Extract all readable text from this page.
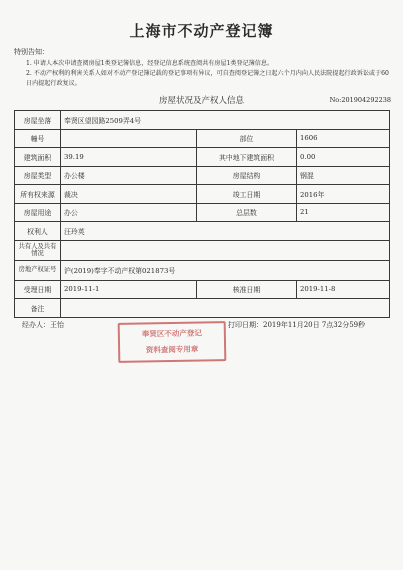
上海市不动产登记簿
特别告知：
1. 申请人本次申请查阅房屋1类登记簿信息，经登记信息系统查阅共有房屋1类登记簿信息。
2. 不动产权利的利害关系人如对不动产登记簿记载的登记事项有异议，可自查阅登记簿之日起六个月内向人民法院提起行政诉讼或于60日内提起行政复议。
房屋状况及产权人信息	No:201904292238
房屋坐落	奉贤区望园路2509弄4号		
幢号		部位	1606
建筑面积	39.19	其中地下建筑面积	0.00
房屋类型	办公楼	房屋结构	钢混
所有权来源	裁决	竣工日期	2016年
房屋用途	办公	总层数	21
权利人	汪玲英		
共有人及共有情况			
房地产权证号	沪(2019)奉字不动产权第021873号		
受理日期	2019-11-1	核准日期	2019-11-8
备注			
经办人：王怡	打印日期：2019年11月20日 7点32分59秒
奉贤区不动产登记
资料查阅专用章
